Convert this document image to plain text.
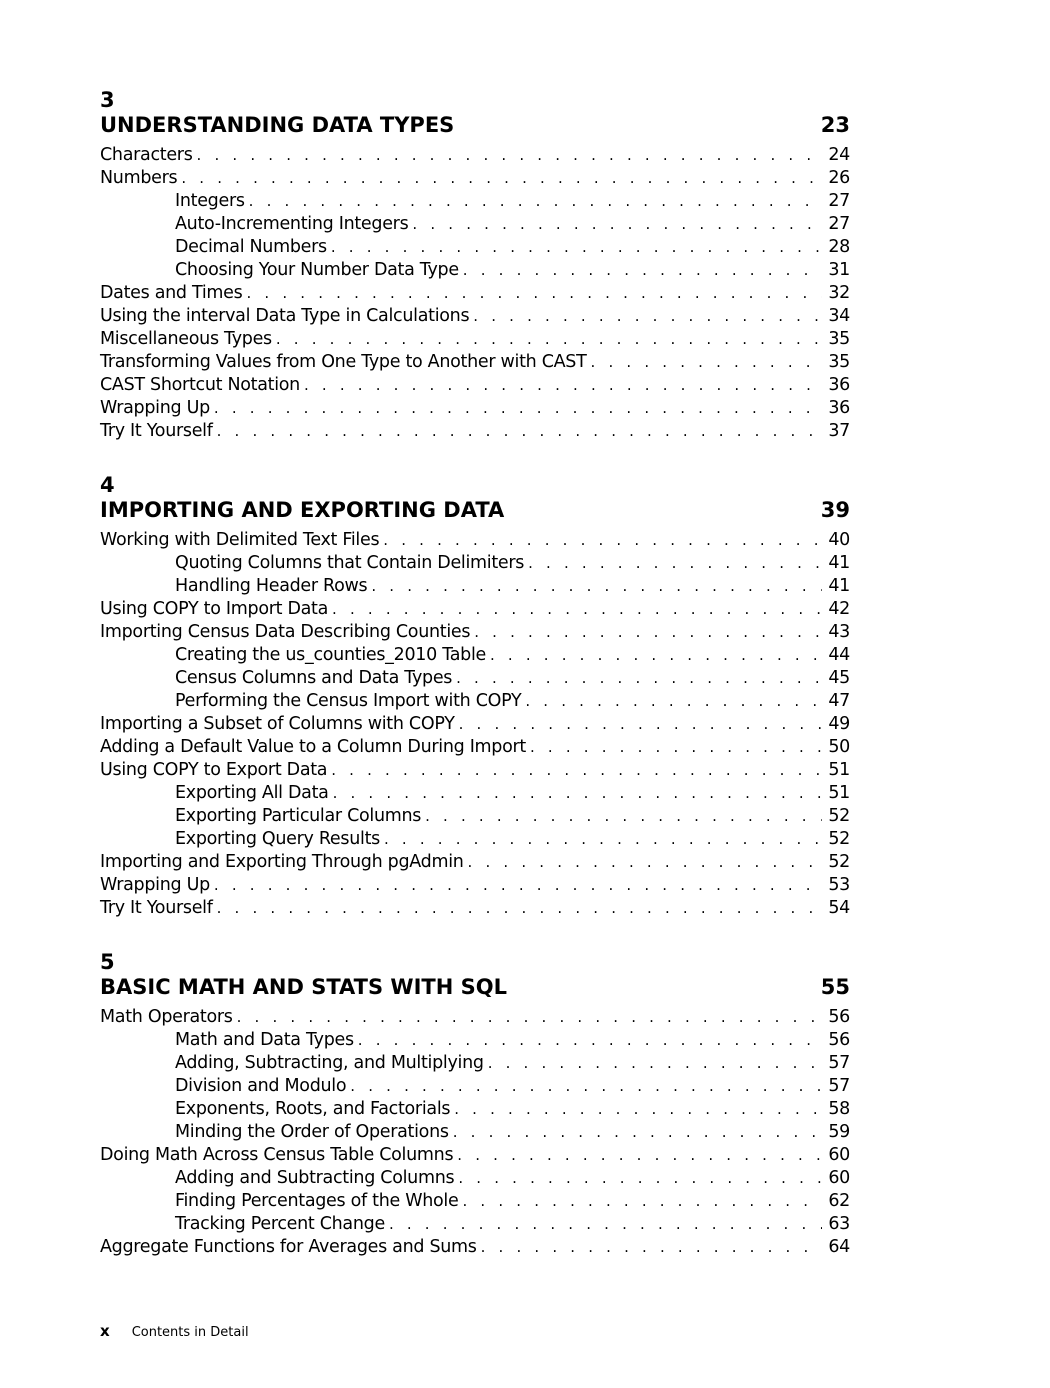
3
UNDERSTANDING DATA TYPES	23
Characters . . .	24
Numbers . . .	26
Integers . . .	27
Auto-Incrementing Integers . . .	27
Decimal Numbers . . .	28
Choosing Your Number Data Type . . .	31
Dates and Times . . .	32
Using the interval Data Type in Calculations . . .	34
Miscellaneous Types . . .	35
Transforming Values from One Type to Another with CAST . . .	35
CAST Shortcut Notation . . .	36
Wrapping Up . . .	36
Try It Yourself . . .	37
4
IMPORTING AND EXPORTING DATA	39
Working with Delimited Text Files . . .	40
Quoting Columns that Contain Delimiters . . .	41
Handling Header Rows . . .	41
Using COPY to Import Data . . .	42
Importing Census Data Describing Counties . . .	43
Creating the us_counties_2010 Table . . .	44
Census Columns and Data Types . . .	45
Performing the Census Import with COPY . . .	47
Importing a Subset of Columns with COPY . . .	49
Adding a Default Value to a Column During Import . . .	50
Using COPY to Export Data . . .	51
Exporting All Data . . .	51
Exporting Particular Columns . . .	52
Exporting Query Results . . .	52
Importing and Exporting Through pgAdmin . . .	52
Wrapping Up . . .	53
Try It Yourself . . .	54
5
BASIC MATH AND STATS WITH SQL	55
Math Operators . . .	56
Math and Data Types . . .	56
Adding, Subtracting, and Multiplying . . .	57
Division and Modulo . . .	57
Exponents, Roots, and Factorials . . .	58
Minding the Order of Operations . . .	59
Doing Math Across Census Table Columns . . .	60
Adding and Subtracting Columns . . .	60
Finding Percentages of the Whole . . .	62
Tracking Percent Change . . .	63
Aggregate Functions for Averages and Sums . . .	64
x Contents in Detail
